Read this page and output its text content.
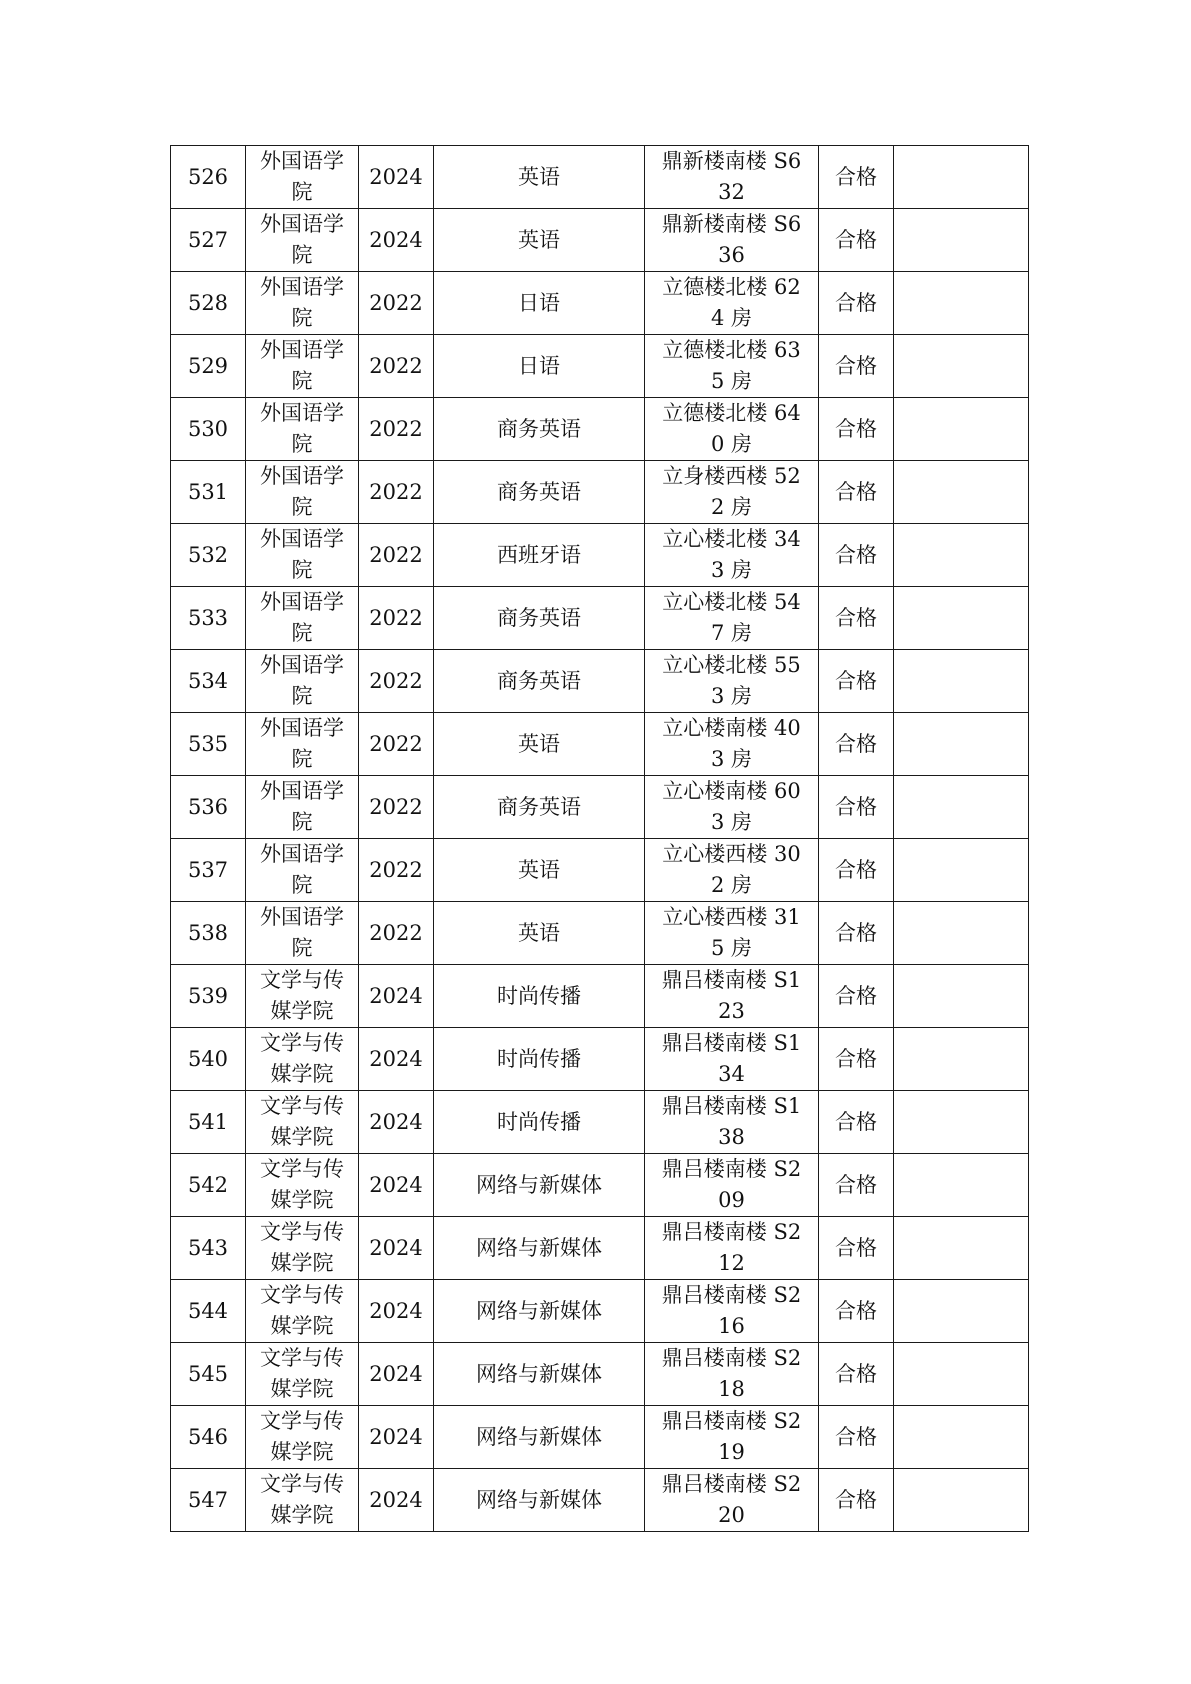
526	外国语学院	2024	英语	鼎新楼南楼 S632	合格	
527	外国语学院	2024	英语	鼎新楼南楼 S636	合格	
528	外国语学院	2022	日语	立德楼北楼 624 房	合格	
529	外国语学院	2022	日语	立德楼北楼 635 房	合格	
530	外国语学院	2022	商务英语	立德楼北楼 640 房	合格	
531	外国语学院	2022	商务英语	立身楼西楼 522 房	合格	
532	外国语学院	2022	西班牙语	立心楼北楼 343 房	合格	
533	外国语学院	2022	商务英语	立心楼北楼 547 房	合格	
534	外国语学院	2022	商务英语	立心楼北楼 553 房	合格	
535	外国语学院	2022	英语	立心楼南楼 403 房	合格	
536	外国语学院	2022	商务英语	立心楼南楼 603 房	合格	
537	外国语学院	2022	英语	立心楼西楼 302 房	合格	
538	外国语学院	2022	英语	立心楼西楼 315 房	合格	
539	文学与传媒学院	2024	时尚传播	鼎吕楼南楼 S123	合格	
540	文学与传媒学院	2024	时尚传播	鼎吕楼南楼 S134	合格	
541	文学与传媒学院	2024	时尚传播	鼎吕楼南楼 S138	合格	
542	文学与传媒学院	2024	网络与新媒体	鼎吕楼南楼 S209	合格	
543	文学与传媒学院	2024	网络与新媒体	鼎吕楼南楼 S212	合格	
544	文学与传媒学院	2024	网络与新媒体	鼎吕楼南楼 S216	合格	
545	文学与传媒学院	2024	网络与新媒体	鼎吕楼南楼 S218	合格	
546	文学与传媒学院	2024	网络与新媒体	鼎吕楼南楼 S219	合格	
547	文学与传媒学院	2024	网络与新媒体	鼎吕楼南楼 S220	合格	
